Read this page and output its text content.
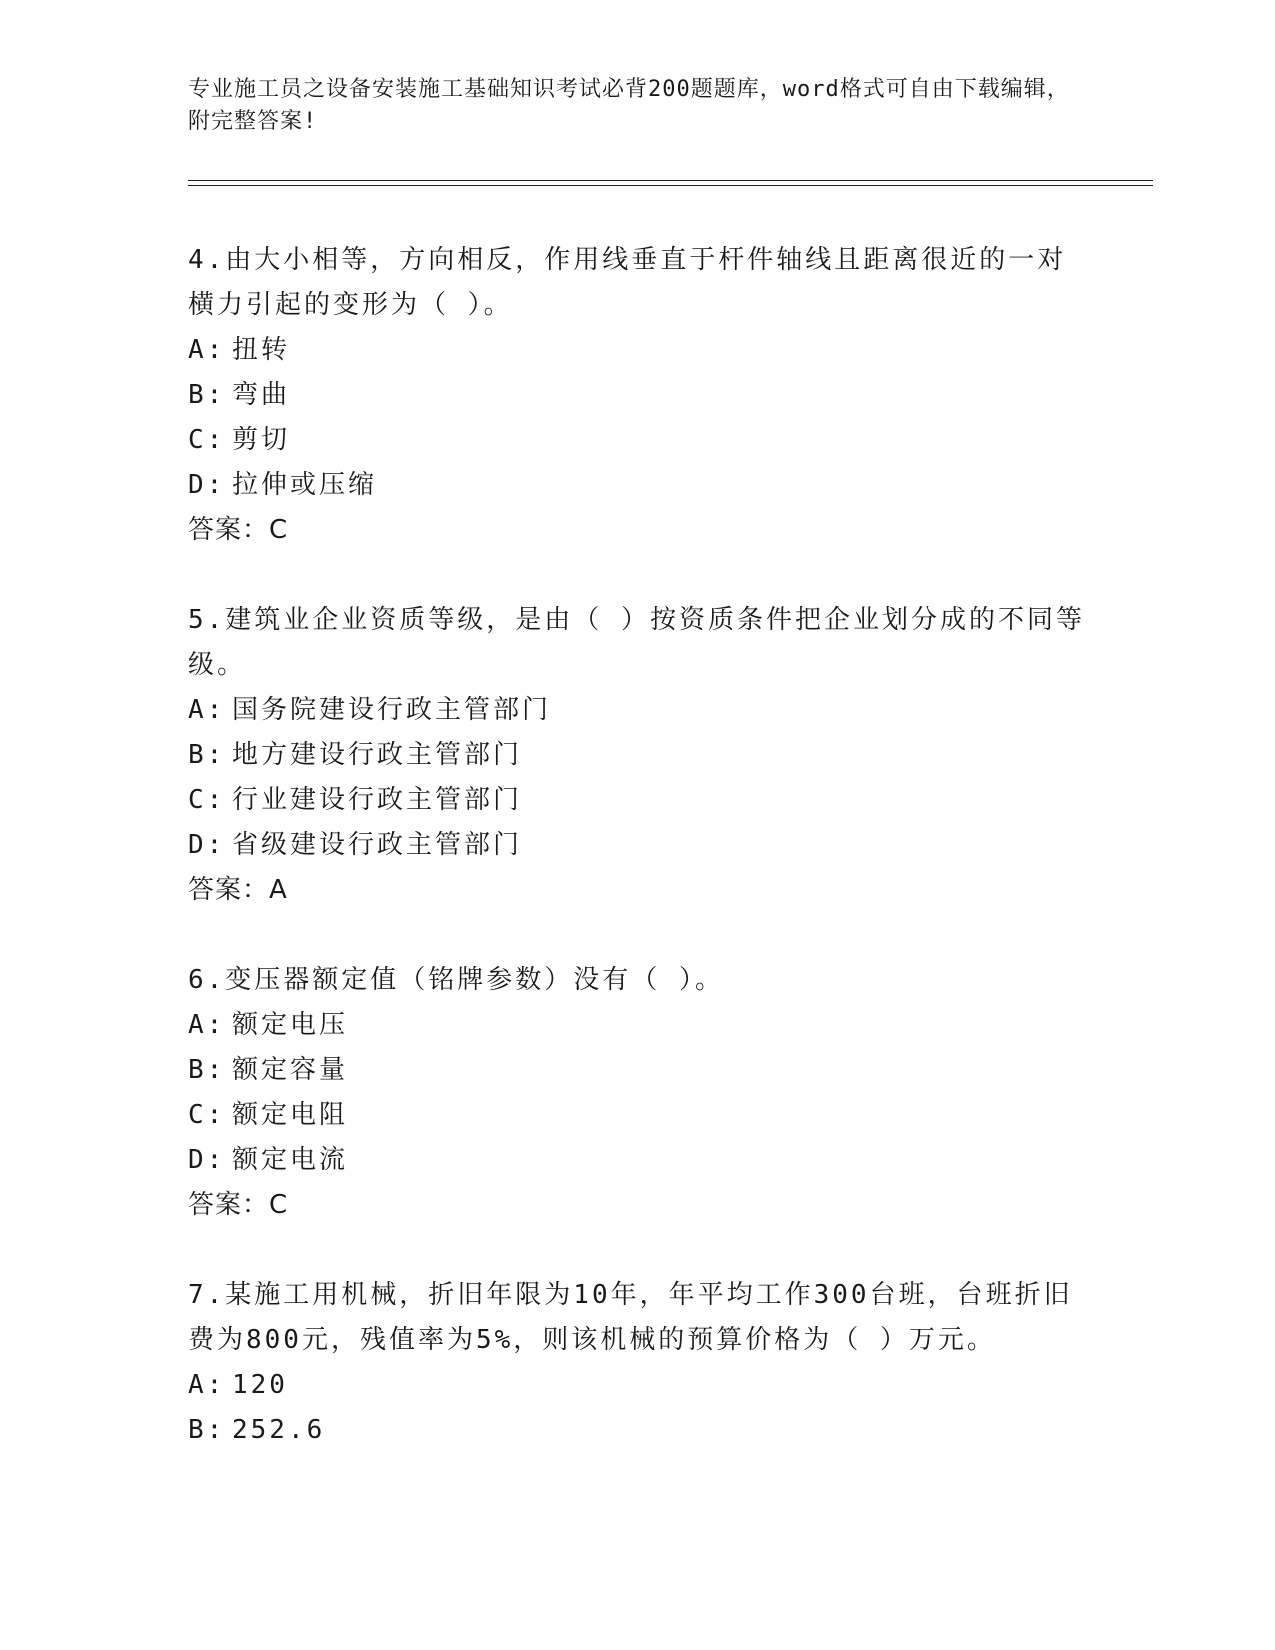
专业施工员之设备安装施工基础知识考试必背200题题库，word格式可自由下载编辑，附完整答案!

4.由大小相等，方向相反，作用线垂直于杆件轴线且距离很近的一对横力引起的变形为（ ）。

A: 扭转
B: 弯曲
C: 剪切
D: 拉伸或压缩
答案：C

5.建筑业企业资质等级，是由（ ）按资质条件把企业划分成的不同等级。

A: 国务院建设行政主管部门
B: 地方建设行政主管部门
C: 行业建设行政主管部门
D: 省级建设行政主管部门
答案：A

6.变压器额定值（铭牌参数）没有（ ）。

A: 额定电压
B: 额定容量
C: 额定电阻
D: 额定电流
答案：C

7.某施工用机械，折旧年限为10年，年平均工作300台班，台班折旧费为800元，残值率为5%，则该机械的预算价格为（ ）万元。

A: 120
B: 252.6
